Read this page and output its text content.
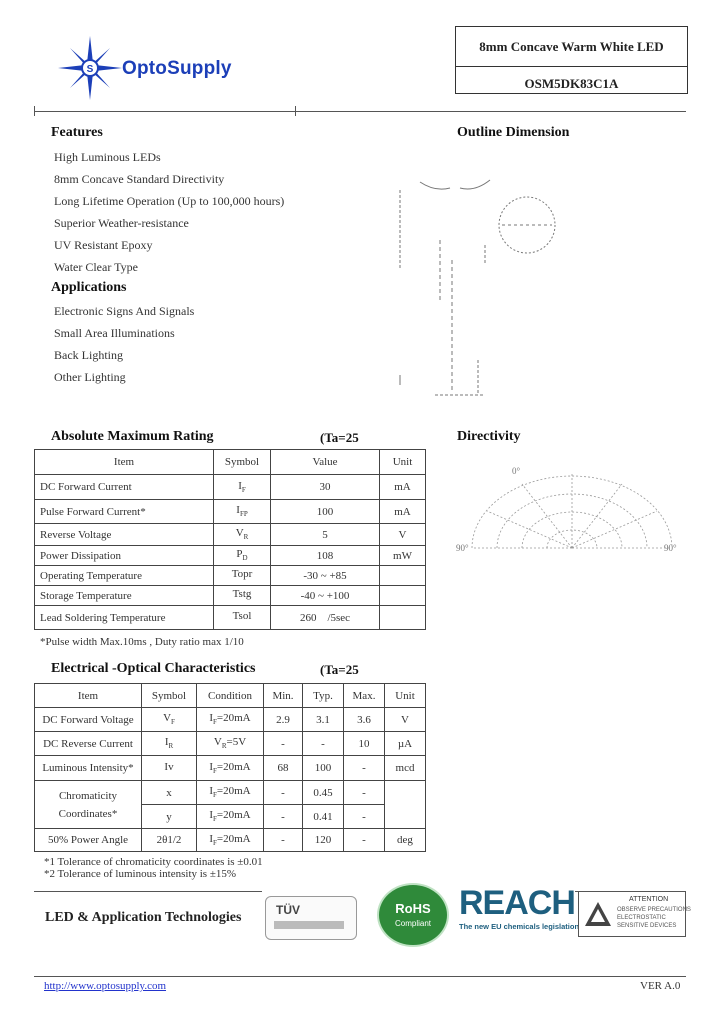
S OptoSupply
8mm Concave Warm White LED
OSM5DK83C1A
Features
High Luminous LEDs
8mm Concave Standard Directivity
Long Lifetime Operation (Up to 100,000 hours)
Superior Weather-resistance
UV Resistant Epoxy
Water Clear Type
Applications
Electronic Signs And Signals
Small Area Illuminations
Back Lighting
Other Lighting
Outline Dimension
Absolute Maximum Rating	(Ta=25
Item	Symbol	Value	Unit
DC Forward Current	$I_F$	30	mA
Pulse Forward Current*	$I_{FP}$	100	mA
Reverse Voltage	$V_R$	5	V
Power Dissipation	$P_D$	108	mW
Operating Temperature	Topr	-30 ~ +85	
Storage Temperature	Tstg	-40 ~ +100	
Lead Soldering Temperature	Tsol	260    /5sec	
*Pulse width Max.10ms , Duty ratio max 1/10
Directivity
0°
90°	90°
Electrical -Optical Characteristics	(Ta=25
Item	Symbol	Condition	Min.	Typ.	Max.	Unit
DC Forward Voltage	$V_F$	$I_F=20mA$	2.9	3.1	3.6	V
DC Reverse Current	$I_R$	$V_R=5V$	-	-	10	µA
Luminous Intensity*	Iv	$I_F=20mA$	68	100	-	mcd

Chromaticity
Coordinates*	x	$I_F=20mA$	-	0.45	-	
	y	$I_F=20mA$	-	0.41	-	
50% Power Angle	2θ1/2	$I_F=20mA$	-	120	-	deg
*1 Tolerance of chromaticity coordinates is ±0.01
*2 Tolerance of luminous intensity is ±15%
LED & Application Technologies	TÜV	RoHS
Compliant
REACH
The new EU chemicals legislation
ATTENTION
OBSERVE PRECAUTIONS
ELECTROSTATIC
SENSITIVE DEVICES
http://www.optosupply.com	VER A.0
